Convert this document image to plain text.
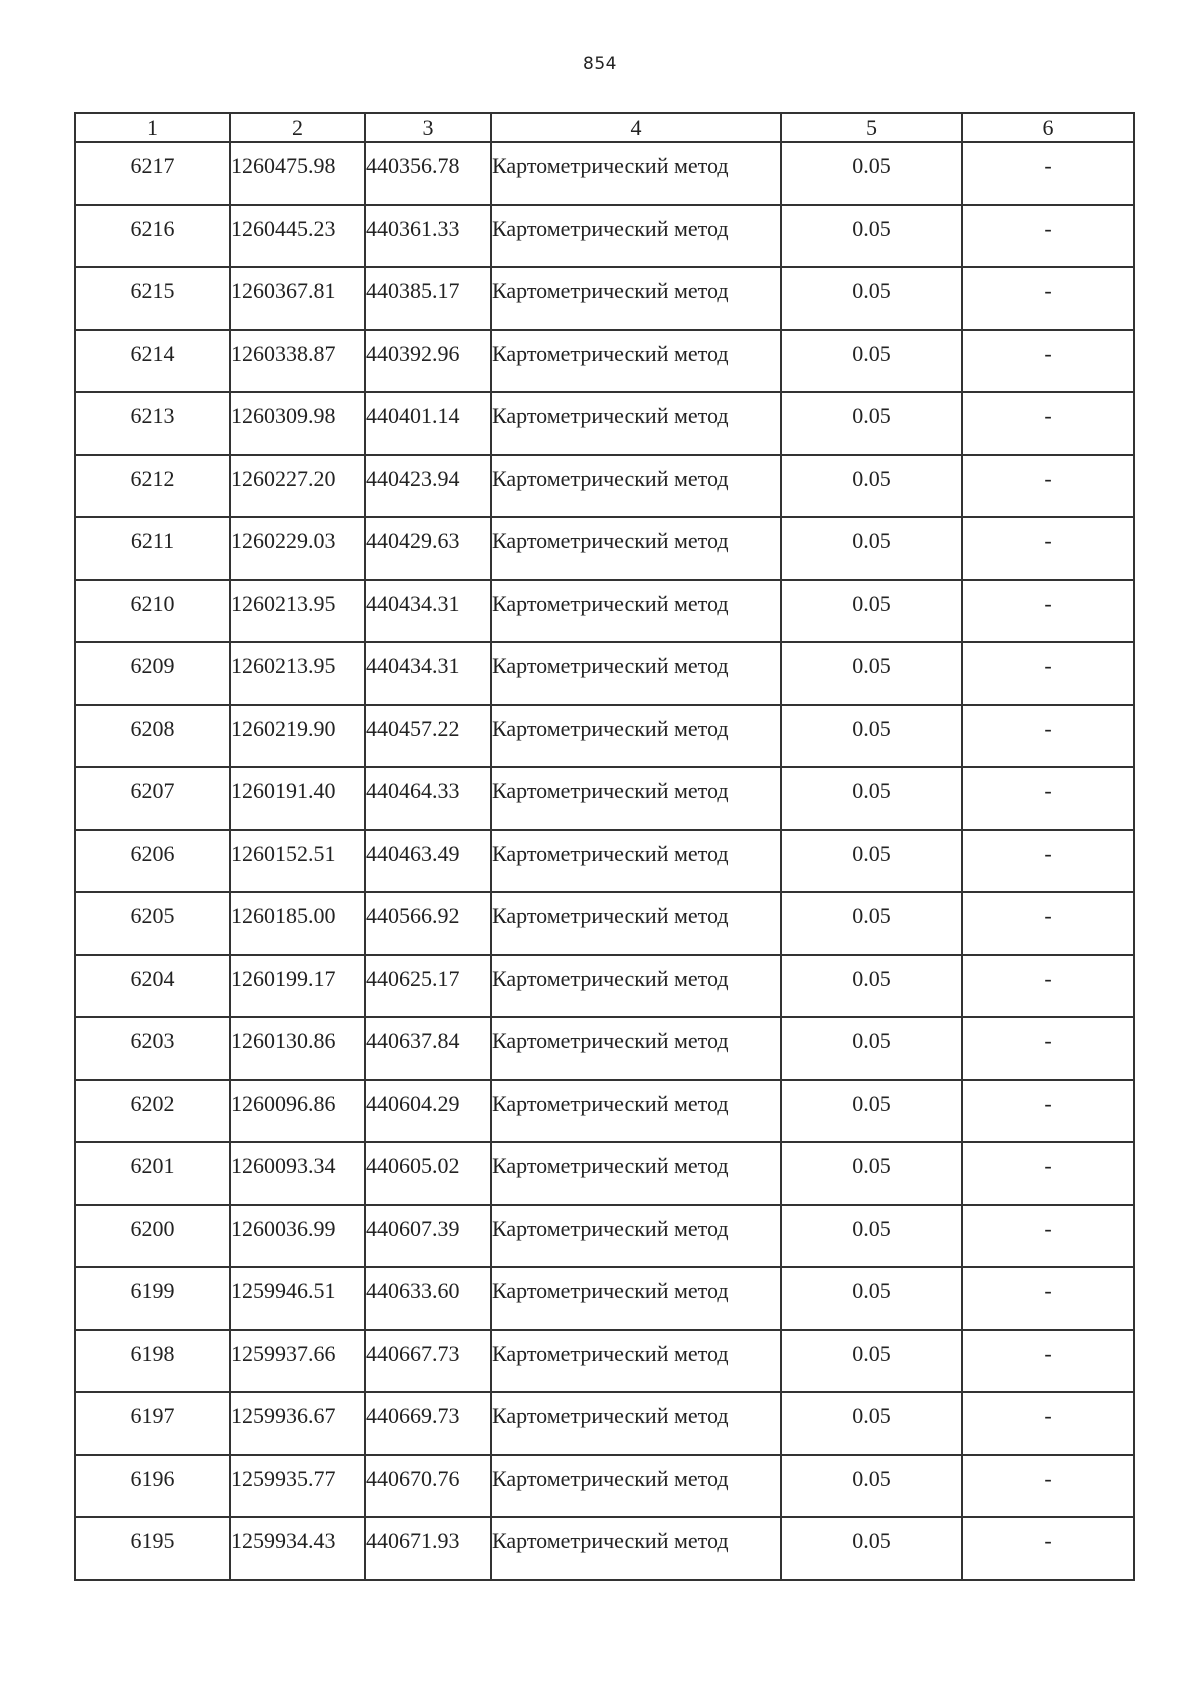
854
1	2	3	4	5	6
6217	1260475.98	440356.78	Картометрический метод	0.05	-
6216	1260445.23	440361.33	Картометрический метод	0.05	-
6215	1260367.81	440385.17	Картометрический метод	0.05	-
6214	1260338.87	440392.96	Картометрический метод	0.05	-
6213	1260309.98	440401.14	Картометрический метод	0.05	-
6212	1260227.20	440423.94	Картометрический метод	0.05	-
6211	1260229.03	440429.63	Картометрический метод	0.05	-
6210	1260213.95	440434.31	Картометрический метод	0.05	-
6209	1260213.95	440434.31	Картометрический метод	0.05	-
6208	1260219.90	440457.22	Картометрический метод	0.05	-
6207	1260191.40	440464.33	Картометрический метод	0.05	-
6206	1260152.51	440463.49	Картометрический метод	0.05	-
6205	1260185.00	440566.92	Картометрический метод	0.05	-
6204	1260199.17	440625.17	Картометрический метод	0.05	-
6203	1260130.86	440637.84	Картометрический метод	0.05	-
6202	1260096.86	440604.29	Картометрический метод	0.05	-
6201	1260093.34	440605.02	Картометрический метод	0.05	-
6200	1260036.99	440607.39	Картометрический метод	0.05	-
6199	1259946.51	440633.60	Картометрический метод	0.05	-
6198	1259937.66	440667.73	Картометрический метод	0.05	-
6197	1259936.67	440669.73	Картометрический метод	0.05	-
6196	1259935.77	440670.76	Картометрический метод	0.05	-
6195	1259934.43	440671.93	Картометрический метод	0.05	-
